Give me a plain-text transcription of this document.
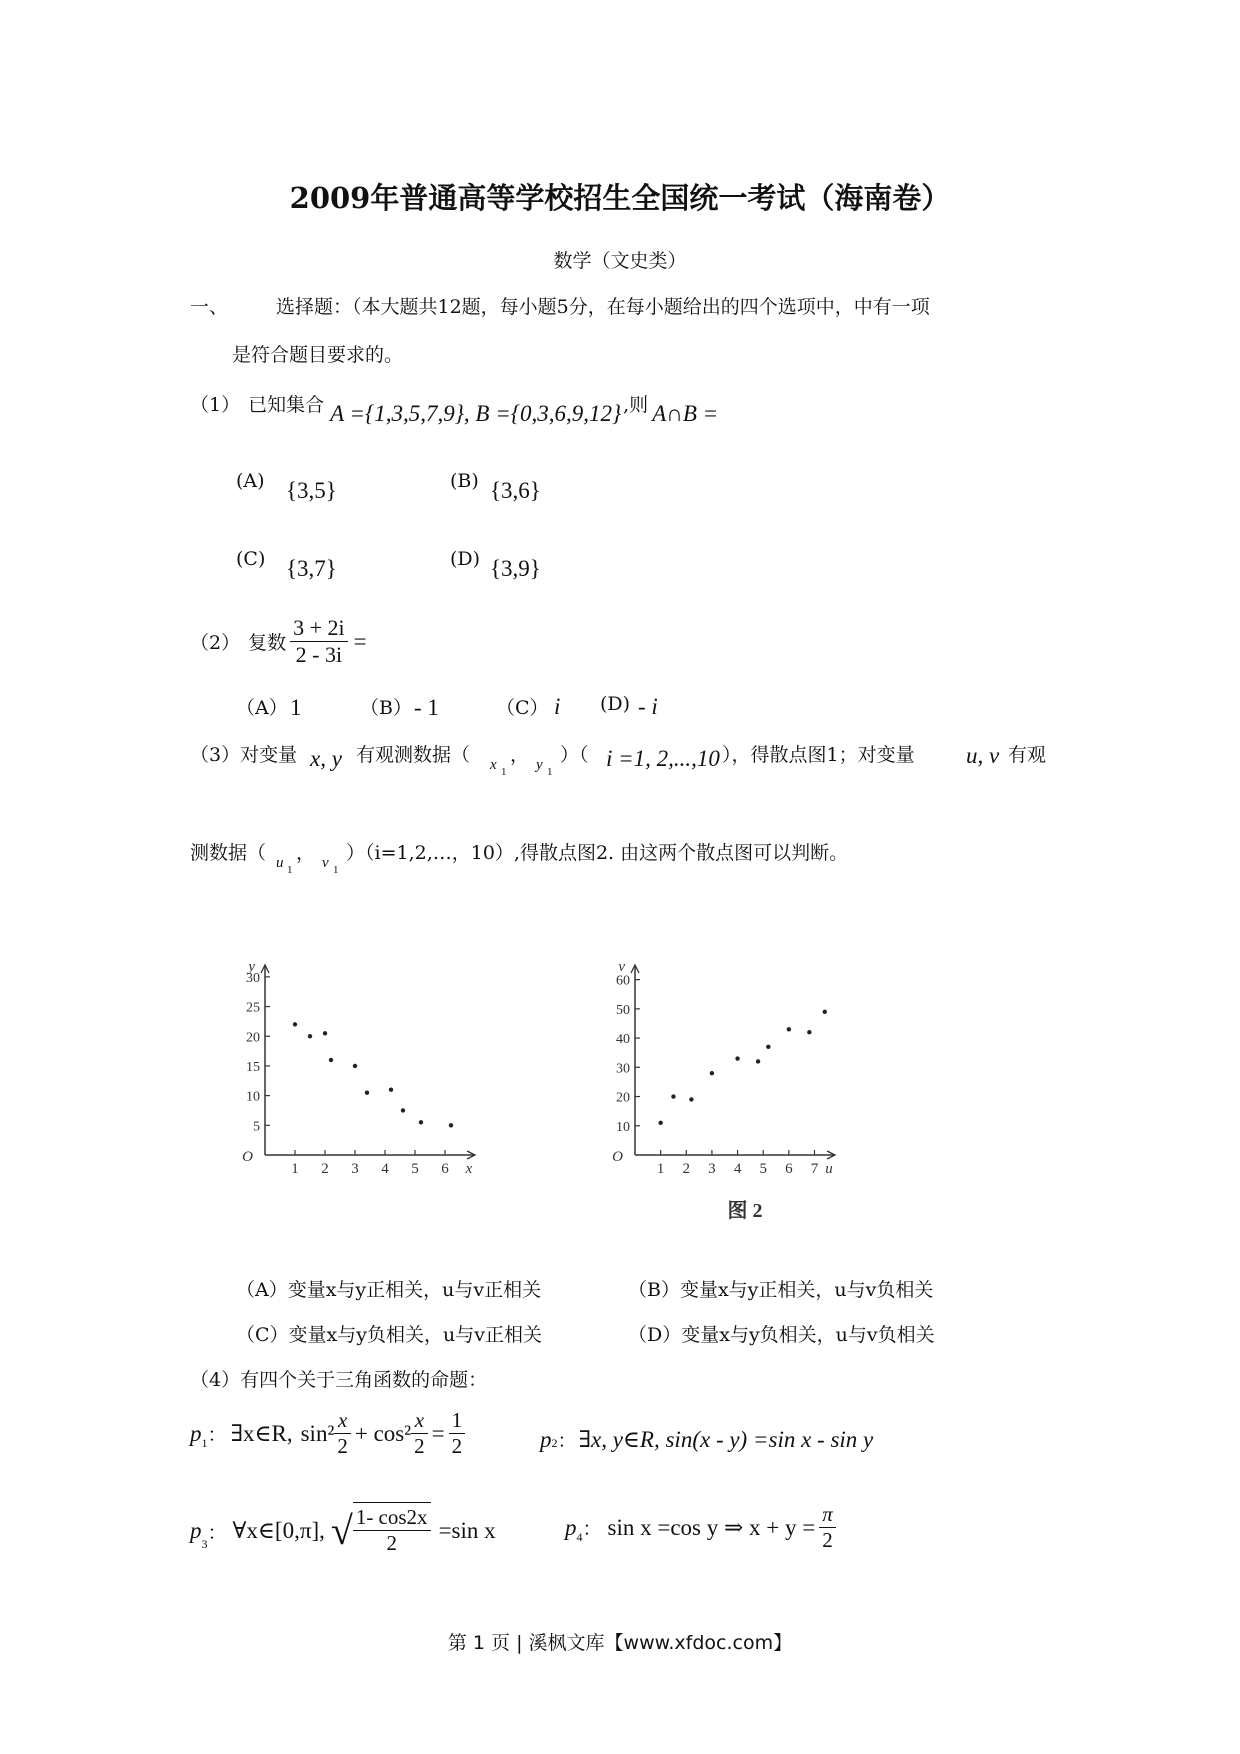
2009年普通高等学校招生全国统一考试（海南卷）
数学（文史类）
一、	选择题：（本大题共12题，每小题5分，在每小题给出的四个选项中，中有一项
是符合题目要求的。
（1） 已知集合 A ={1,3,5,7,9} , B ={0,3,6,9,12} ,则 A∩B =
(A) {3,5}	(B) {3,6}
(C) {3,7}	(D) {3,9}
（2） 复数 $\frac{3 + 2i}{2 - 3i}$ =
（A） 1	（B） - 1	（C） i (D) - i
（3）对变量 x, y 有观测数据（ x 1
， y 1
）（ i =1, 2,...,10 ），得散点图1；对变量 u, v 有观
测数据（ u 1
， v 1
）（i=1,2,…，10）,得散点图2. 由这两个散点图可以判断。
1 2 3 4 5 6
5
10
15
20
25
30
y
x
O
1 2 3 4 5 6 7
10
20
30
40
50
60
v
u
O
图 2
（A）变量x与y正相关，u与v正相关	（B）变量x与y正相关，u与v负相关
（C）变量x与y负相关，u与v正相关	（D）变量x与y负相关，u与v负相关
（4）有四个关于三角函数的命题：
p 1 ： ∃x∈R, $\sin^2 \frac{x}{2} + \cos^2 \frac{x}{2} = \frac{1}{2}$	p 2 ： ∃x, y∈R, sin(x - y) =sin x - sin y
p
3
： ∀x∈[0,π], √ $\frac{1- \cos 2x}{2} =\sin$ x	p 4 ： sin x =cos y ⇒ $x + y = \frac{\pi}{2}$
第 1 页 | 溪枫文库【www.xfdoc.com】
